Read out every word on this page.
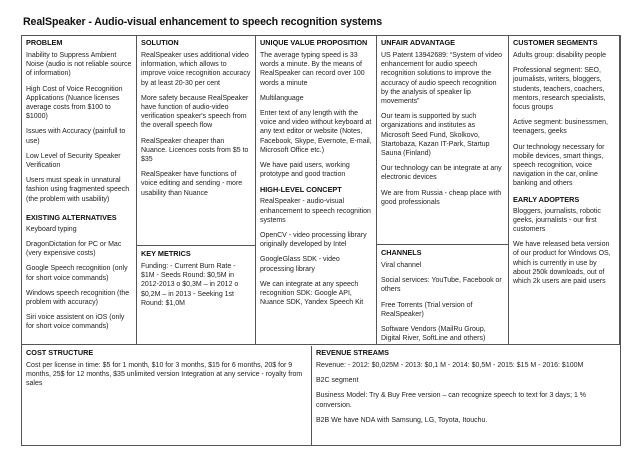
RealSpeaker - Audio-visual enhancement to speech recognition systems
PROBLEM

Inability to Suppress Ambient Noise (audio is not reliable source of information)

High Cost of Voice Recognition Applications (Nuance licenses average costs from $100 to $1000)

Issues with Accuracy (painfull to use)

Low Level of Security Speaker Verification

Users must speak in unnatural fashion using fragmented speech (the problem with usability)

EXISTING ALTERNATIVES

Keyboard typing

DragonDictation for PC or Mac (very expensive costs)

Google Speech recognition (only for short voice commands)

Windows speech recognition (the problem with accuracy)

Siri voice assistent on iOS (only for short voice commands)

SOLUTION

RealSpeaker uses additional video information, which allows to improve voice recognition accuracy by at least 20-30 per cent

More safety because RealSpeaker have function of audio-video verification speaker's speech from the overall speech flow

RealSpeaker cheaper than Nuance. Licences costs from $5 to $35

RealSpeaker have functions of voice editing and sending - more usability than Nuance

KEY METRICS

Funding: - Current Burn Rate - $1M - Seeds Round: $0,5M in 2012-2013 o $0,3M – in 2012 o $0,2M – in 2013 - Seeking 1st Round: $1,0M

UNIQUE VALUE PROPOSITION

The average typing speed is 33 words a minute. By the means of RealSpeaker can record over 100 words a minute

Multilanguage

Enter text of any length with the voice and video without keyboard at any text editor or website (Notes, Facebook, Skype, Evernote, E-mail, Microsoft Office etc.)

We have paid users, working prototype and good traction

HIGH-LEVEL CONCEPT

RealSpeaker - audio-visual enhancement to speech recognition systems

OpenCV - video processing library originally developed by Intel

GoogleGlass SDK - video processing library

We can integrate at any speech recognition SDK: Google API, Nuance SDK, Yandex Speech Kit

UNFAIR ADVANTAGE

US Patent 13942689: “System of video enhancement for audio speech recognition solutions to improve the accuracy of audio speech recognition by the analysis of speaker lip movements”

Our team is supported by such organizations and institutes as Microsoft Seed Fund, Skolkovo, Startobaza, Kazan IT-Park, Startup Sauna (Finland)

Our technology can be integrate at any electronic devices

We are from Russia - cheap place with good professionals

CHANNELS

Viral channel

Social services: YouTube, Facebook or others

Free Torrents (Trial version of RealSpeaker)

Software Vendors (MailRu Group, Digital River, SoftLine and others)

CUSTOMER SEGMENTS

Adults group: disability people

Professional segment: SEO, journalists, writers, bloggers, students, teachers, coachers, mentors, research specialists, focus groups

Active segment: businessmen, teenagers, geeks

Our technology necessary for mobile devices, smart things, speech recognition, voice navigation in the car, online banking and others

EARLY ADOPTERS

Bloggers, journalists, robotic geeks, journalists - our first customers

We have released beta version of our product for Windows OS, which is currently in use by about 250k downloads, out of which 2k users are paid users

COST STRUCTURE

Cost per license in time: $5 for 1 month, $10 for 3 months, $15 for 6 months, 20$ for 9 months, 25$ for 12 months, $35 unlimited version Integration at any service - royalty from sales

REVENUE STREAMS

Revenue: - 2012: $0,025M - 2013: $0,1 M - 2014: $0,5M - 2015: $15 M - 2016: $100M

B2C segment

Business Model: Try & Buy Free version – can recognize speech to text for 3 days; 1 % conversion.

B2B We have NDA with Samsung, LG, Toyota, Itouchu.
